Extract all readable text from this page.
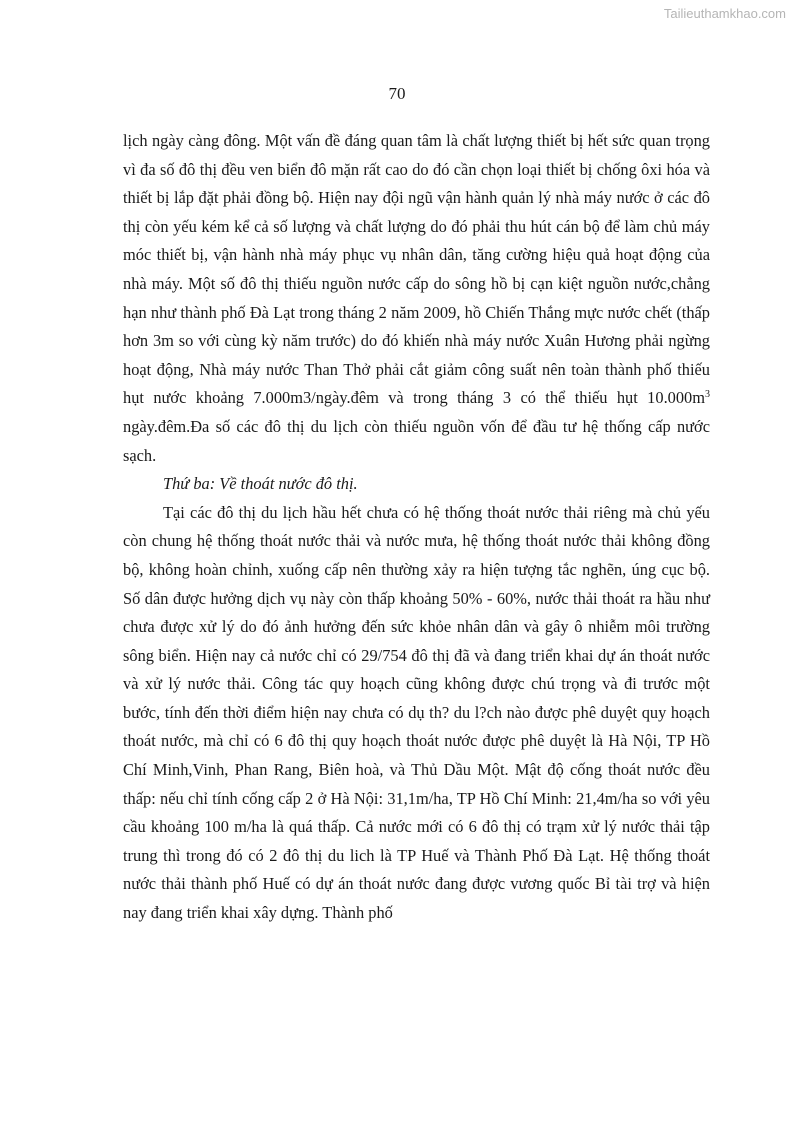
Tailieuthamkhao.com
70

lịch ngày càng đông. Một vấn đề đáng quan tâm là chất lượng thiết bị hết sức quan trọng vì đa số đô thị đều ven biển đô mặn rất cao do đó cần chọn loại thiết bị chống ôxi hóa và thiết bị lắp đặt phải đồng bộ. Hiện nay đội ngũ vận hành quản lý nhà máy nước ở các đô thị còn yếu kém kể cả số lượng và chất lượng do đó phải thu hút cán bộ để làm chủ máy móc thiết bị, vận hành nhà máy phục vụ nhân dân, tăng cường hiệu quả hoạt động của nhà máy. Một số đô thị thiếu nguồn nước cấp do sông hồ bị cạn kiệt nguồn nước,chẳng hạn như thành phố Đà Lạt trong tháng 2 năm 2009, hồ Chiến Thắng mực nước chết (thấp hơn 3m so với cùng kỳ năm trước) do đó khiến nhà máy nước Xuân Hương phải ngừng hoạt động, Nhà máy nước Than Thở phải cắt giảm công suất nên toàn thành phố thiếu hụt nước khoảng 7.000m3/ngày.đêm và trong tháng 3 có thể thiếu hụt $10.000m^3$ ngày.đêm.Đa số các đô thị du lịch còn thiếu nguồn vốn để đầu tư hệ thống cấp nước sạch.

Thứ ba: Về thoát nước đô thị.

Tại các đô thị du lịch hầu hết chưa có hệ thống thoát nước thải riêng mà chủ yếu còn chung hệ thống thoát nước thải và nước mưa, hệ thống thoát nước thải không đồng bộ, không hoàn chỉnh, xuống cấp nên thường xảy ra hiện tượng tắc nghẽn, úng cục bộ. Số dân được hưởng dịch vụ này còn thấp khoảng 50% - 60%, nước thải thoát ra hầu như chưa được xử lý do đó ảnh hưởng đến sức khỏe nhân dân và gây ô nhiễm môi trường sông biển. Hiện nay cả nước chỉ có 29/754 đô thị đã và đang triển khai dự án thoát nước và xử lý nước thải. Công tác quy hoạch cũng không được chú trọng và đi trước một bước, tính đến thời điểm hiện nay chưa có dụ th? du l?ch nào được phê duyệt quy hoạch thoát nước, mà chỉ có 6 đô thị quy hoạch thoát nước được phê duyệt là Hà Nội, TP Hồ Chí Minh,Vinh, Phan Rang, Biên hoà, và Thủ Dầu Một. Mật độ cống thoát nước đều thấp: nếu chỉ tính cống cấp 2 ở Hà Nội: 31,1m/ha, TP Hồ Chí Minh: 21,4m/ha so với yêu cầu khoảng 100 m/ha là quá thấp. Cả nước mới có 6 đô thị có trạm xử lý nước thải tập trung thì trong đó có 2 đô thị du lich là TP Huế và Thành Phố Đà Lạt. Hệ thống thoát nước thải thành phố Huế có dự án thoát nước đang được vương quốc Bỉ tài trợ và hiện nay đang triển khai xây dựng. Thành phố
